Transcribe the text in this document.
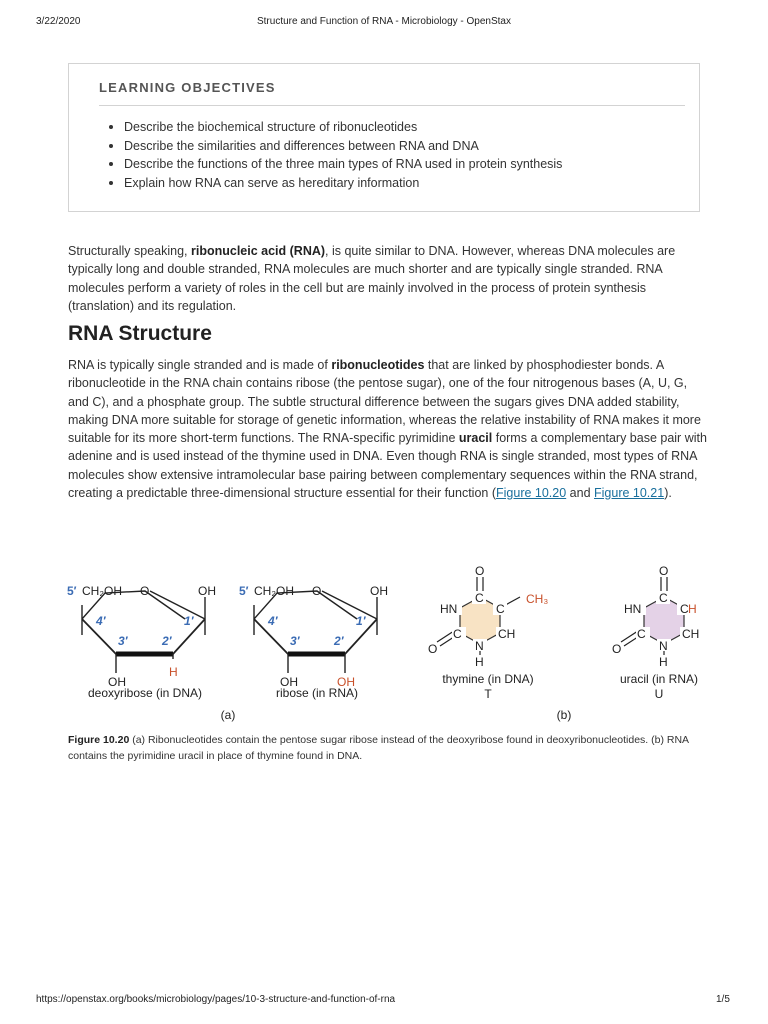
3/22/2020	Structure and Function of RNA - Microbiology - OpenStax
LEARNING OBJECTIVES
Describe the biochemical structure of ribonucleotides
Describe the similarities and differences between RNA and DNA
Describe the functions of the three main types of RNA used in protein synthesis
Explain how RNA can serve as hereditary information

Structurally speaking, ribonucleic acid (RNA), is quite similar to DNA. However, whereas DNA molecules are typically long and double stranded, RNA molecules are much shorter and are typically single stranded. RNA molecules perform a variety of roles in the cell but are mainly involved in the process of protein synthesis (translation) and its regulation.

RNA Structure

RNA is typically single stranded and is made of ribonucleotides that are linked by phosphodiester bonds. A ribonucleotide in the RNA chain contains ribose (the pentose sugar), one of the four nitrogenous bases (A, U, G, and C), and a phosphate group. The subtle structural difference between the sugars gives DNA added stability, making DNA more suitable for storage of genetic information, whereas the relative instability of RNA makes it more suitable for its more short-term functions. The RNA-specific pyrimidine uracil forms a complementary base pair with adenine and is used instead of the thymine used in DNA. Even though RNA is single stranded, most types of RNA molecules show extensive intramolecular base pairing between complementary sequences within the RNA strand, creating a predictable three-dimensional structure essential for their function (Figure 10.20 and Figure 10.21).

5′ CH₂OH O	OH
4′	1′
3′	2′
OH
H
deoxyribose (in DNA)
5′ CH₂OH O	OH
4′	1′
3′	2′
OH	OH
ribose (in RNA)
(a)
O
C
HN	C
CH₃
C	CH
N
O
H
thymine (in DNA)
T
O
C
HN	C H
C	CH
N
O
H
uracil (in RNA)
U
(b)

Figure 10.20 (a) Ribonucleotides contain the pentose sugar ribose instead of the deoxyribose found in deoxyribonucleotides. (b) RNA contains the pyrimidine uracil in place of thymine found in DNA.

https://openstax.org/books/microbiology/pages/10-3-structure-and-function-of-rna	1/5
